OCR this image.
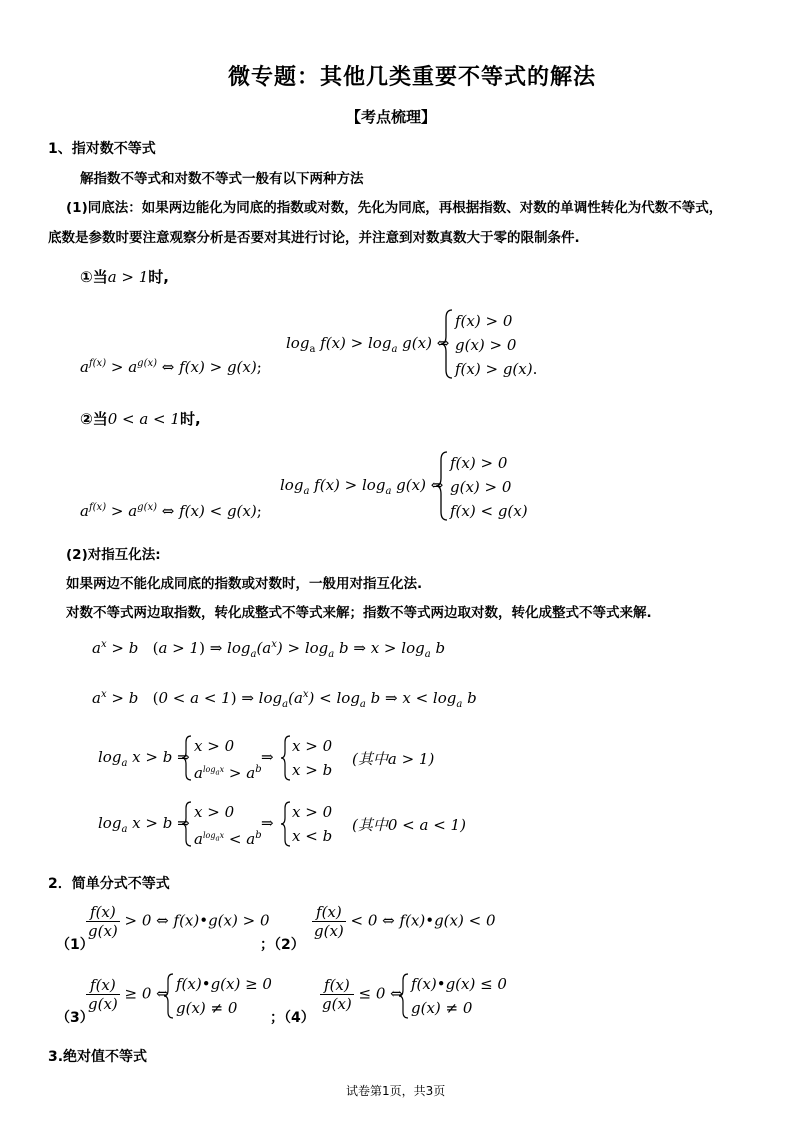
微专题：其他几类重要不等式的解法
【考点梳理】
1、指对数不等式
解指数不等式和对数不等式一般有以下两种方法
(1)同底法：如果两边能化为同底的指数或对数，先化为同底，再根据指数、对数的单调性转化为代数不等式，
底数是参数时要注意观察分析是否要对其进行讨论，并注意到对数真数大于零的限制条件.
①当a > 1时,
$\log_a f(x) > \log_a g(x)$ ⇔
f(x) > 0
g(x) > 0
f(x) > g(x).
$a^{f(x)} > a^{g(x)}$ ⇔ f(x) > g(x);
②当0 < a < 1时,
$\log_a f(x) > \log_a g(x)$ ⇔
f(x) > 0
g(x) > 0
f(x) < g(x)
$a^{f(x)} > a^{g(x)}$ ⇔ f(x) < g(x);
(2)对指互化法:
如果两边不能化成同底的指数或对数时，一般用对指互化法.
对数不等式两边取指数，转化成整式不等式来解；指数不等式两边取对数，转化成整式不等式来解.
$a^x > b$   (a > 1) ⇒ $\log_a(a^x) > \log_a b$ ⇒ $x > \log_a b$
$a^x > b$   (0 < a < 1) ⇒ $\log_a(a^x) < \log_a b$ ⇒ $x < \log_a b$
$\log_a x > b$ ⇒
x > 0
$a^{log_ax} > a^b$
⇒
x > 0
x > b
(其中a > 1)
$\log_a x > b$ ⇒
x > 0
$a^{log_ax} < a^b$
⇒
x > 0
x < b
(其中0 < a < 1)
2．简单分式不等式
（1）
$\frac{f(x)}{g(x)} > 0$ ⇔ f(x)•g(x) > 0
；（2）
$\frac{f(x)}{g(x)} < 0$ ⇔ f(x)•g(x) < 0
（3）
$\frac{f(x)}{g(x)} \ge 0$ ⇔
f(x)•g(x) ≥ 0
g(x) ≠ 0
；（4）
$\frac{f(x)}{g(x)} \le 0$ ⇔
f(x)•g(x) ≤ 0
g(x) ≠ 0
3.绝对值不等式
试卷第1页，共3页
